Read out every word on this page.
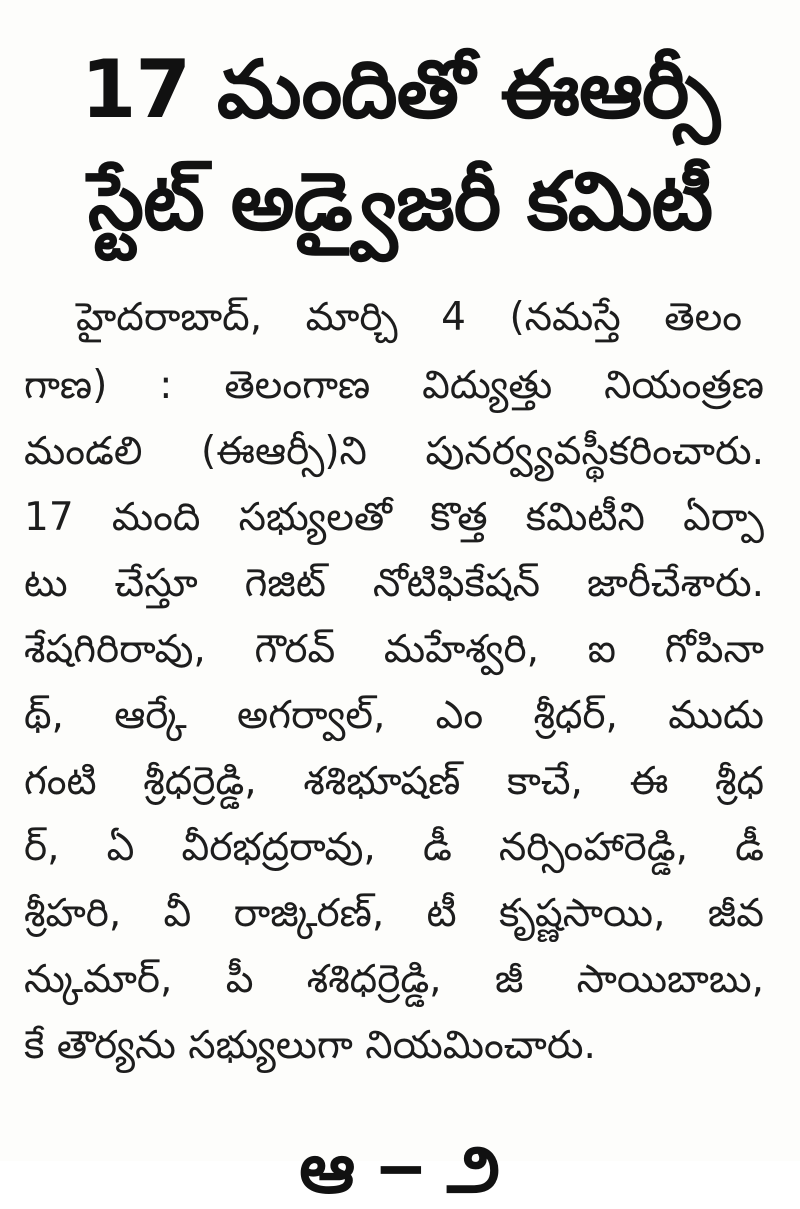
17 మందితో ఈఆర్సీ
స్టేట్ అడ్వైజరీ కమిటీ
హైదరాబాద్, మార్చి 4 (నమస్తే తెలం
గాణ) : తెలంగాణ విద్యుత్తు నియంత్రణ
మండలి (ఈఆర్సీ)ని పునర్వ్యవస్థీకరించారు.
17 మంది సభ్యులతో కొత్త కమిటీని ఏర్పా
టు చేస్తూ గెజిట్ నోటిఫికేషన్ జారీచేశారు.
శేషగిరిరావు, గౌరవ్ మహేశ్వరి, ఐ గోపినా
థ్, ఆర్కే అగర్వాల్, ఎం శ్రీధర్, ముదు
గంటి శ్రీధర్రెడ్డి, శశిభూషణ్ కాచే, ఈ శ్రీధ
ర్, ఏ వీరభద్రరావు, డీ నర్సింహారెడ్డి, డీ
శ్రీహరి, వీ రాజ్కిరణ్, టీ కృష్ణసాయి, జీవ
న్కుమార్, పీ శశిధర్రెడ్డి, జీ సాయిబాబు,
కే తౌర్యను సభ్యులుగా నియమించారు.
ఆ ౼ ౨
